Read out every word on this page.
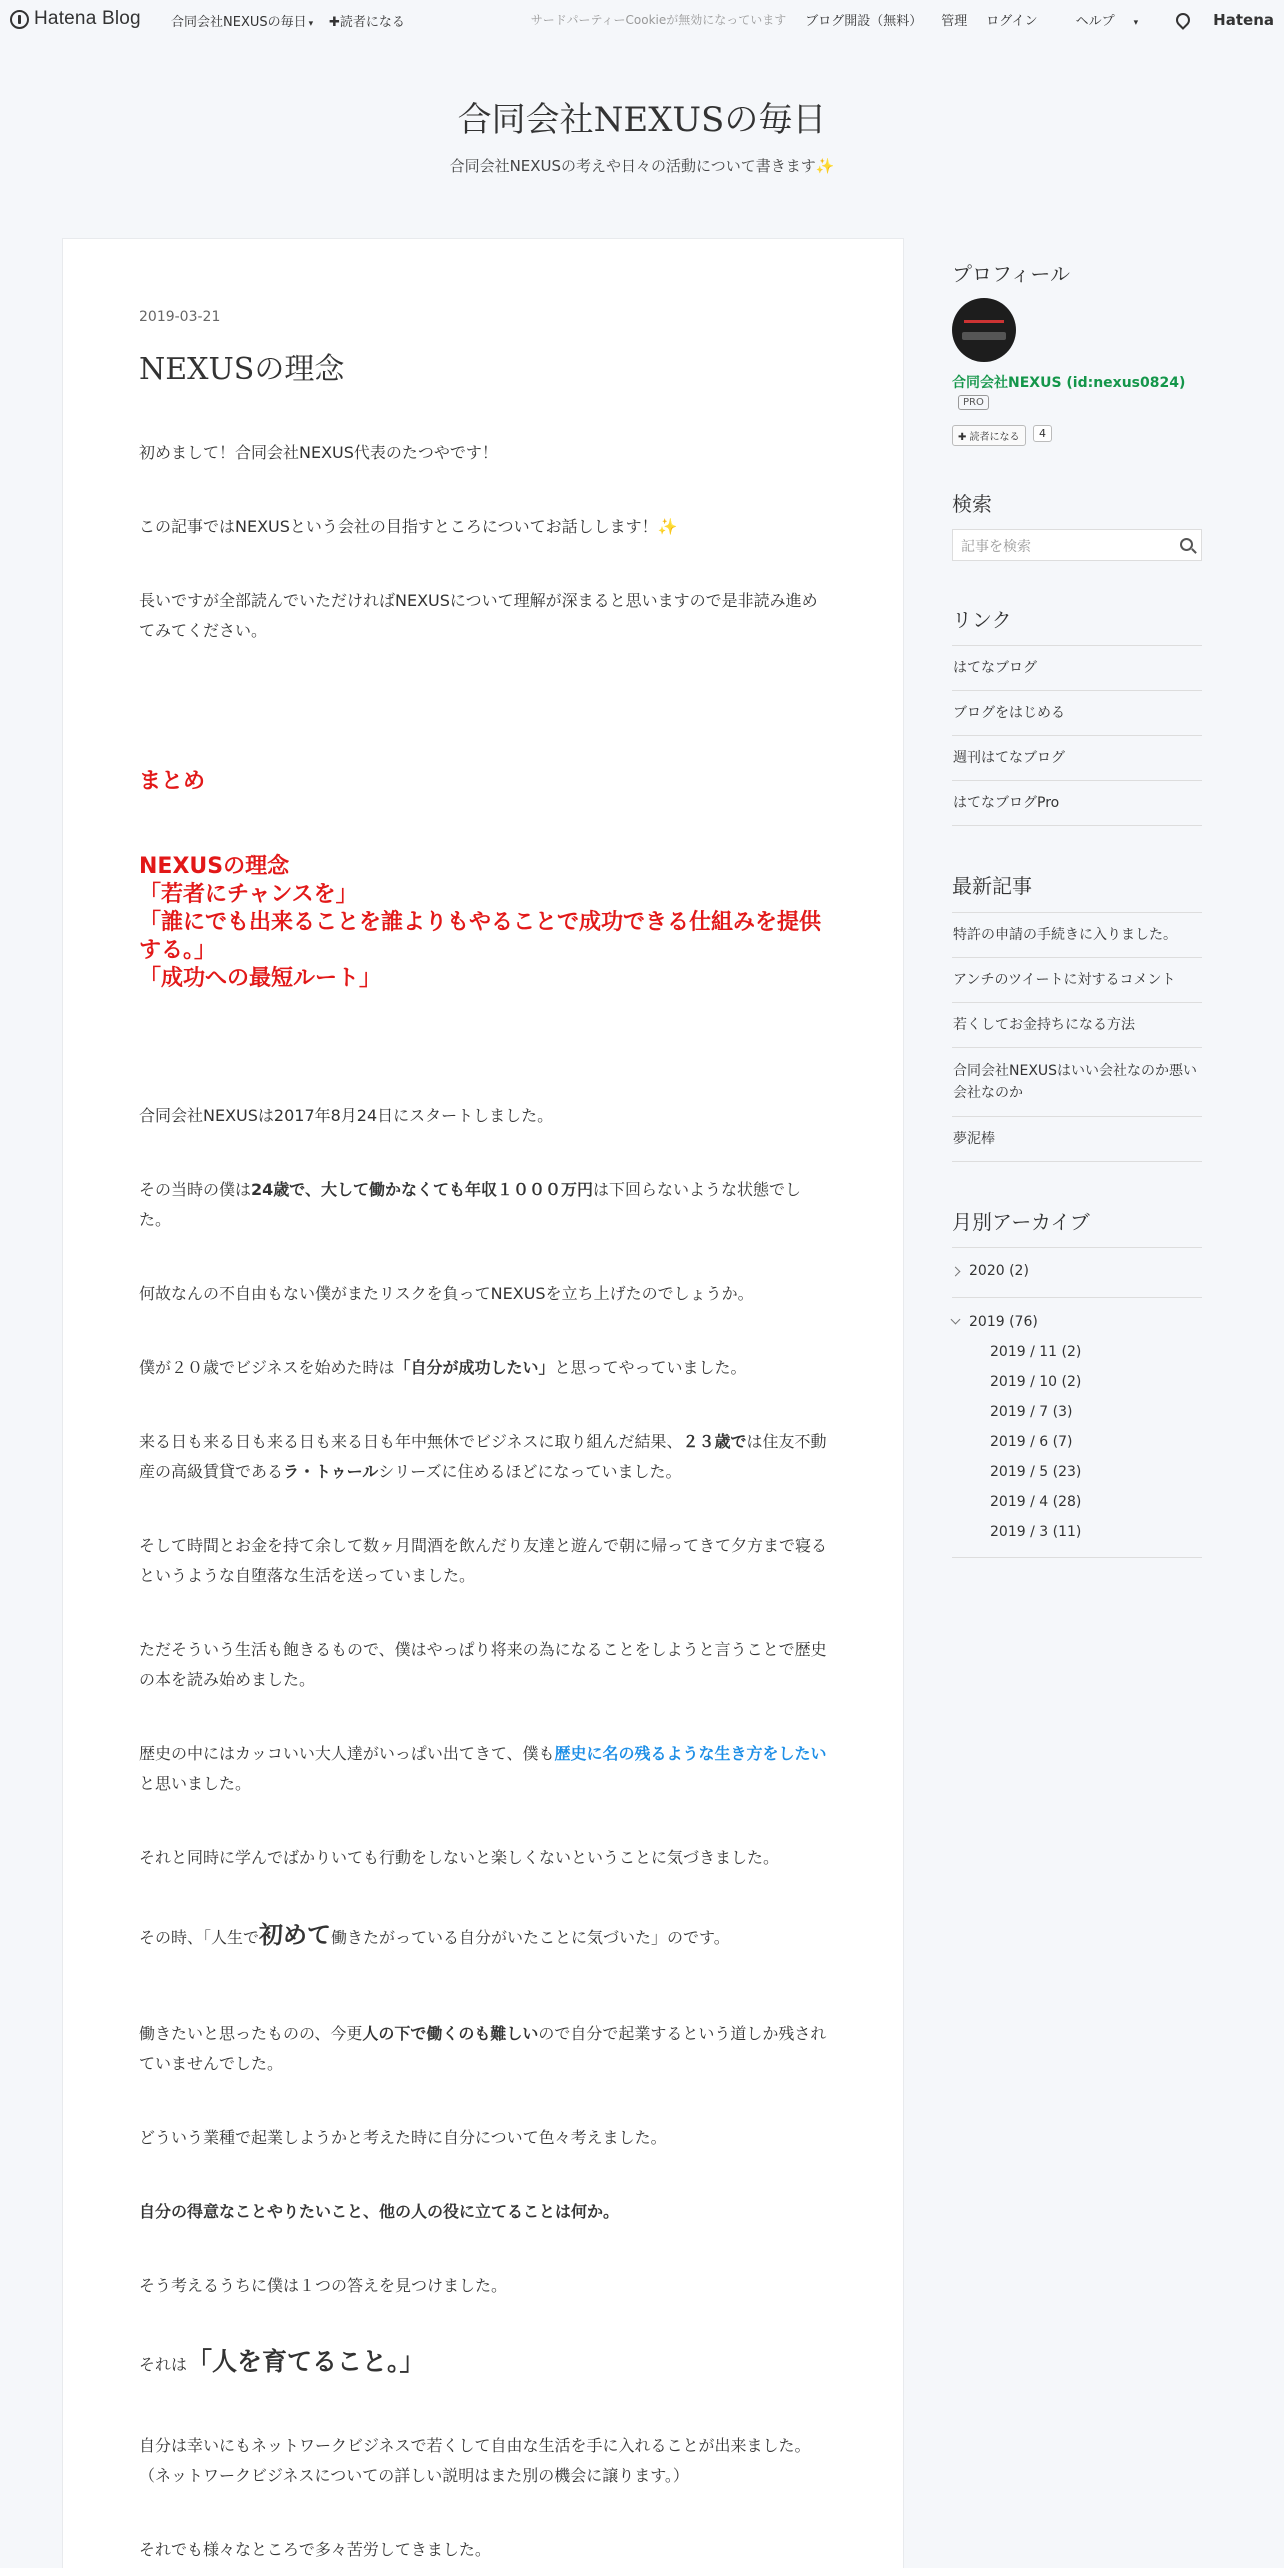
Hatena Blog 合同会社NEXUSの毎日 ▾ ✚読者になる	サードパーティーCookieが無効になっています ブログ開設（無料） 管理 ログイン	ヘルプ ▾	Hatena
合同会社NEXUSの毎日
合同会社NEXUSの考えや日々の活動について書きます✨
2019-03-21
NEXUSの理念
初めまして！合同会社NEXUS代表のたつやです！
この記事ではNEXUSという会社の目指すところについてお話しします！✨
長いですが全部読んでいただければNEXUSについて理解が深まると思いますので是非読み進めてみてください。
まとめ
NEXUSの理念
「若者にチャンスを」
「誰にでも出来ることを誰よりもやることで成功できる仕組みを提供する。」
「成功への最短ルート」
合同会社NEXUSは2017年8月24日にスタートしました。
その当時の僕は24歳で、大して働かなくても年収１０００万円は下回らないような状態でした。
何故なんの不自由もない僕がまたリスクを負ってNEXUSを立ち上げたのでしょうか。
僕が２０歳でビジネスを始めた時は「自分が成功したい」と思ってやっていました。
来る日も来る日も来る日も来る日も年中無休でビジネスに取り組んだ結果、２３歳では住友不動産の高級賃貸であるラ・トゥールシリーズに住めるほどになっていました。
そして時間とお金を持て余して数ヶ月間酒を飲んだり友達と遊んで朝に帰ってきて夕方まで寝るというような自堕落な生活を送っていました。
ただそういう生活も飽きるもので、僕はやっぱり将来の為になることをしようと言うことで歴史の本を読み始めました。
歴史の中にはカッコいい大人達がいっぱい出てきて、僕も歴史に名の残るような生き方をしたいと思いました。
それと同時に学んでばかりいても行動をしないと楽しくないということに気づきました。
その時、「人生で初めて働きたがっている自分がいたことに気づいた」のです。
働きたいと思ったものの、今更人の下で働くのも難しいので自分で起業するという道しか残されていませんでした。
どういう業種で起業しようかと考えた時に自分について色々考えました。
自分の得意なことやりたいこと、他の人の役に立てることは何か。
そう考えるうちに僕は１つの答えを見つけました。
それは「人を育てること。」
自分は幸いにもネットワークビジネスで若くして自由な生活を手に入れることが出来ました。（ネットワークビジネスについての詳しい説明はまた別の機会に譲ります。）
それでも様々なところで多々苦労してきました。
プロフィール
合同会社NEXUS (id:nexus0824)
PRO
✚ 読者になる	4
検索
記事を検索
リンク
はてなブログ
ブログをはじめる
週刊はてなブログ
はてなブログPro
最新記事
特許の申請の手続きに入りました。
アンチのツイートに対するコメント
若くしてお金持ちになる方法
合同会社NEXUSはいい会社なのか悪い会社なのか
夢泥棒
月別アーカイブ
2020 (2)
2019 (76)
2019 / 11 (2)
2019 / 10 (2)
2019 / 7 (3)
2019 / 6 (7)
2019 / 5 (23)
2019 / 4 (28)
2019 / 3 (11)
